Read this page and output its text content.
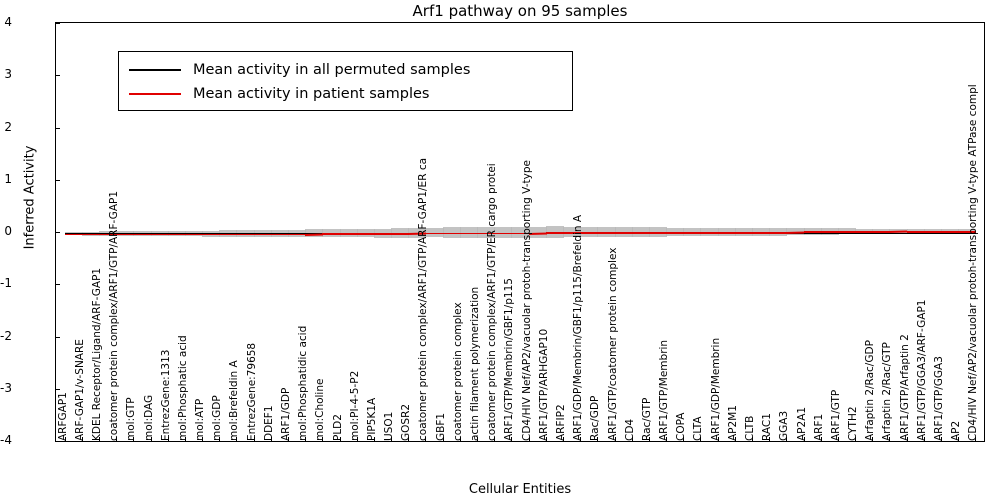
Arf1 pathway on 95 samples
Inferred Activity
Cellular Entities
-4
-3
-2
-1
0
1
2
3
4
ARFGAP1 ARF-GAP1/v-SNARE KDEL Receptor/Ligand/ARF-GAP1 coatomer protein complex/ARF1/GTP/ARF-GAP1 mol:GTP mol:DAG EntrezGene:1313 mol:Phosphatic acid mol:ATP mol:GDP mol:Brefeldin A EntrezGene:79658 DDEF1 ARF1/GDP mol:Phosphatidic acid mol:Choline PLD2 mol:PI-4-5-P2 PIP5K1A USO1 GOSR2 coatomer protein complex/ARF1/GTP/ARF-GAP1/ER ca GBF1 coatomer protein complex actin filament polymerization coatomer protein complex/ARF1/GTP/ER cargo protei ARF1/GTP/Membrin/GBF1/p115 CD4/HIV Nef/AP2/vacuolar protoh-transporting V-type ARF1/GTP/ARHGAP10 ARFIP2 ARF1/GDP/Membrin/GBF1/p115/Brefeldin A Rac/GDP ARF1/GTP/coatomer protein complex CD4 Rac/GTP ARF1/GTP/Membrin COPA CLTA ARF1/GDP/Membrin AP2M1 CLTB RAC1 GGA3 AP2A1 ARF1 ARF1/GTP CYTH2 Arfaptin 2/Rac/GDP Arfaptin 2/Rac/GTP ARF1/GTP/Arfaptin 2 ARF1/GTP/GGA3/ARF-GAP1 ARF1/GTP/GGA3 AP2 CD4/HIV Nef/AP2/vacuolar protoh-transporting V-type ATPase compl
Mean activity in all permuted samples
Mean activity in patient samples
